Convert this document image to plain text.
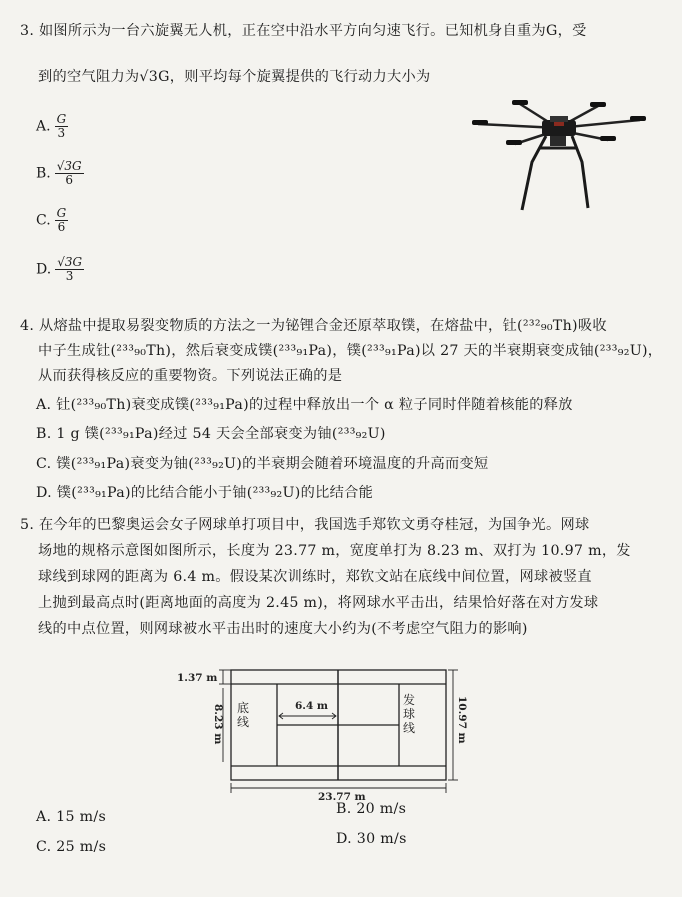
3. 如图所示为一台六旋翼无人机，正在空中沿水平方向匀速飞行。已知机身自重为G，受
到的空气阻力为√3G，则平均每个旋翼提供的飞行动力大小为
A. $\frac{G}{3}$
B. $\frac{√3G}{6}$
C. $\frac{G}{6}$
D. $\frac{√3G}{3}$
4. 从熔盐中提取易裂变物质的方法之一为铋锂合金还原萃取镤，在熔盐中，钍(²³²₉₀Th)吸收
中子生成钍(²³³₉₀Th)，然后衰变成镤(²³³₉₁Pa)，镤(²³³₉₁Pa)以 27 天的半衰期衰变成铀(²³³₉₂U)，
从而获得核反应的重要物资。下列说法正确的是
A. 钍(²³³₉₀Th)衰变成镤(²³³₉₁Pa)的过程中释放出一个 α 粒子同时伴随着核能的释放
B. 1 g 镤(²³³₉₁Pa)经过 54 天会全部衰变为铀(²³³₉₂U)
C. 镤(²³³₉₁Pa)衰变为铀(²³³₉₂U)的半衰期会随着环境温度的升高而变短
D. 镤(²³³₉₁Pa)的比结合能小于铀(²³³₉₂U)的比结合能
5. 在今年的巴黎奥运会女子网球单打项目中，我国选手郑钦文勇夺桂冠，为国争光。网球
场地的规格示意图如图所示，长度为 23.77 m，宽度单打为 8.23 m、双打为 10.97 m，发
球线到球网的距离为 6.4 m。假设某次训练时，郑钦文站在底线中间位置，网球被竖直
上抛到最高点时(距离地面的高度为 2.45 m)，将网球水平击出，结果恰好落在对方发球
线的中点位置，则网球被水平击出时的速度大小约为(不考虑空气阻力的影响)
1.37 m
8.23 m	6.4 m	10.97 m
23.77 m
底线
发球线
A. 15 m/s	B. 20 m/s
C. 25 m/s	D. 30 m/s
